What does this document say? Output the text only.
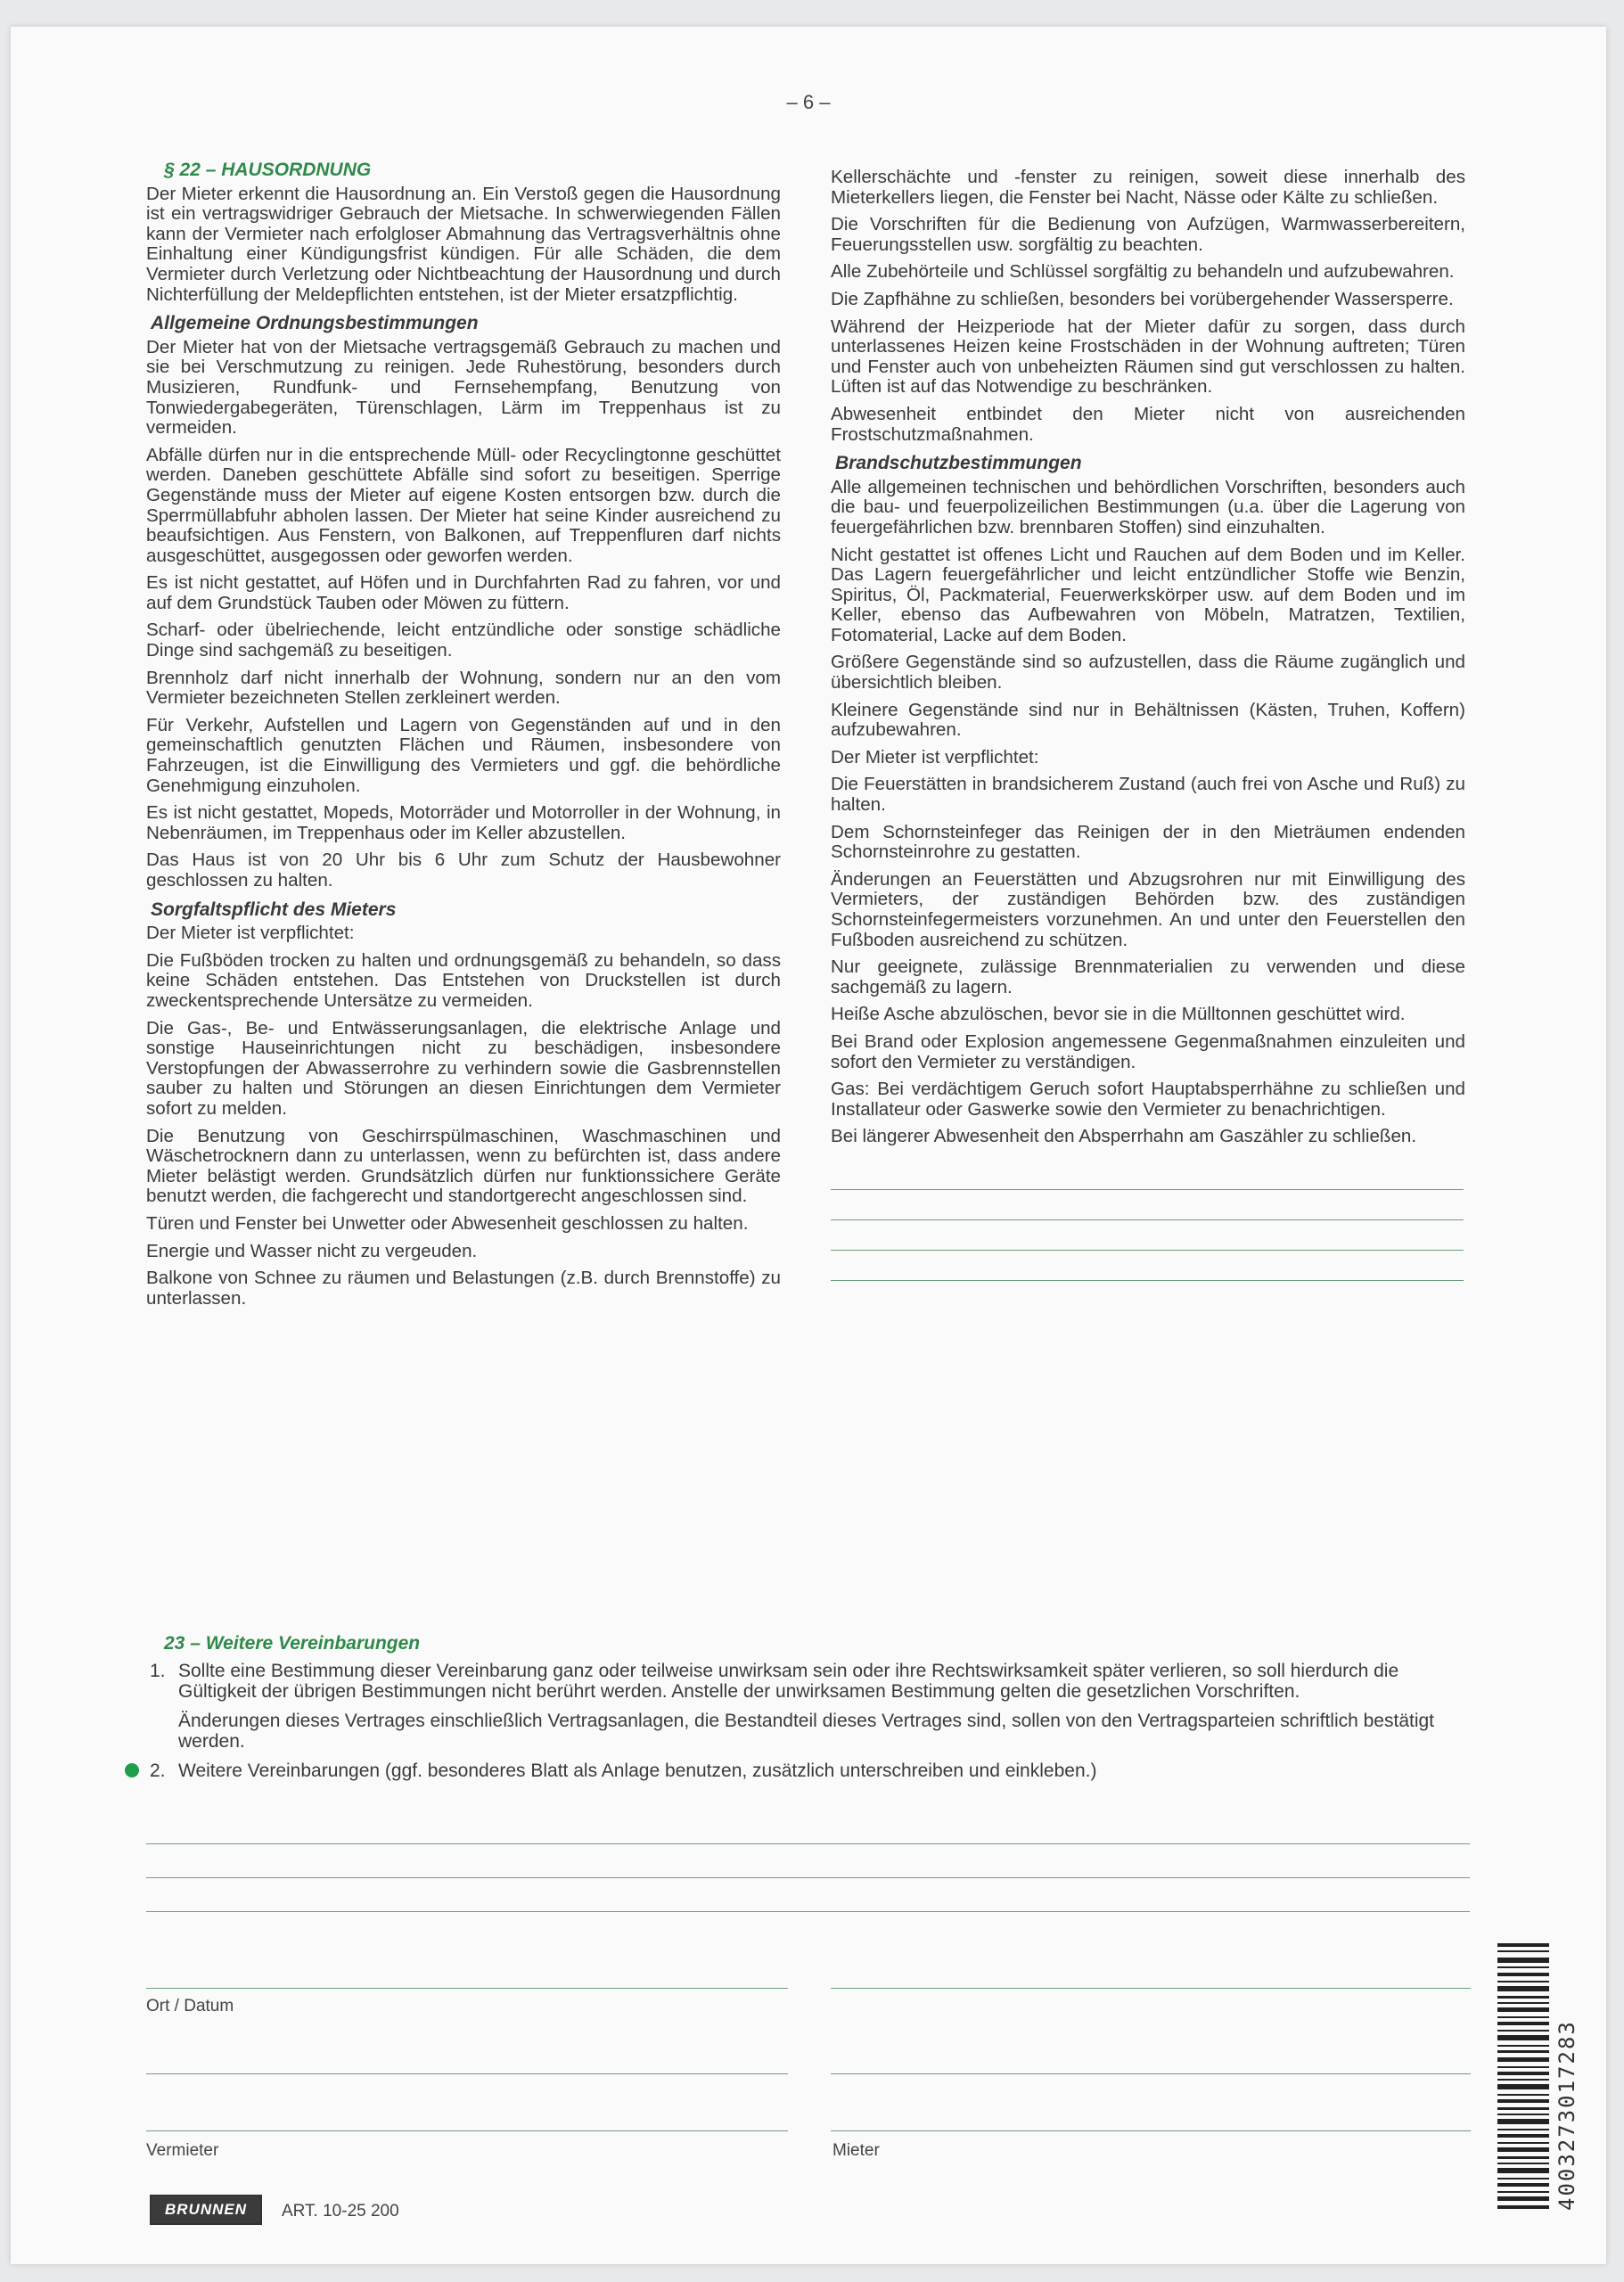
– 6 –
§ 22 – HAUSORDNUNG

Der Mieter erkennt die Hausordnung an. Ein Verstoß gegen die Hausordnung ist ein vertragswidriger Gebrauch der Mietsache. In schwerwiegenden Fällen kann der Vermieter nach erfolgloser Abmahnung das Vertragsverhältnis ohne Einhaltung einer Kündigungsfrist kündigen. Für alle Schäden, die dem Vermieter durch Verletzung oder Nichtbeachtung der Hausordnung und durch Nichterfüllung der Meldepflichten entstehen, ist der Mieter ersatzpflichtig.

Allgemeine Ordnungsbestimmungen

Der Mieter hat von der Mietsache vertragsgemäß Gebrauch zu machen und sie bei Verschmutzung zu reinigen. Jede Ruhestörung, besonders durch Musizieren, Rundfunk- und Fernsehempfang, Benutzung von Tonwiedergabegeräten, Türenschlagen, Lärm im Treppenhaus ist zu vermeiden.

Abfälle dürfen nur in die entsprechende Müll- oder Recyclingtonne geschüttet werden. Daneben geschüttete Abfälle sind sofort zu beseitigen. Sperrige Gegenstände muss der Mieter auf eigene Kosten entsorgen bzw. durch die Sperrmüllabfuhr abholen lassen. Der Mieter hat seine Kinder ausreichend zu beaufsichtigen. Aus Fenstern, von Balkonen, auf Treppenfluren darf nichts ausgeschüttet, ausgegossen oder geworfen werden.

Es ist nicht gestattet, auf Höfen und in Durchfahrten Rad zu fahren, vor und auf dem Grundstück Tauben oder Möwen zu füttern.

Scharf- oder übelriechende, leicht entzündliche oder sonstige schädliche Dinge sind sachgemäß zu beseitigen.

Brennholz darf nicht innerhalb der Wohnung, sondern nur an den vom Vermieter bezeichneten Stellen zerkleinert werden.

Für Verkehr, Aufstellen und Lagern von Gegenständen auf und in den gemeinschaftlich genutzten Flächen und Räumen, insbesondere von Fahrzeugen, ist die Einwilligung des Vermieters und ggf. die behördliche Genehmigung einzuholen.

Es ist nicht gestattet, Mopeds, Motorräder und Motorroller in der Wohnung, in Nebenräumen, im Treppenhaus oder im Keller abzustellen.

Das Haus ist von 20 Uhr bis 6 Uhr zum Schutz der Hausbewohner geschlossen zu halten.

Sorgfaltspflicht des Mieters

Der Mieter ist verpflichtet:

Die Fußböden trocken zu halten und ordnungsgemäß zu behandeln, so dass keine Schäden entstehen. Das Entstehen von Druckstellen ist durch zweckentsprechende Untersätze zu vermeiden.

Die Gas-, Be- und Entwässerungsanlagen, die elektrische Anlage und sonstige Hauseinrichtungen nicht zu beschädigen, insbesondere Verstopfungen der Abwasserrohre zu verhindern sowie die Gasbrennstellen sauber zu halten und Störungen an diesen Einrichtungen dem Vermieter sofort zu melden.

Die Benutzung von Geschirrspülmaschinen, Waschmaschinen und Wäschetrocknern dann zu unterlassen, wenn zu befürchten ist, dass andere Mieter belästigt werden. Grundsätzlich dürfen nur funktionssichere Geräte benutzt werden, die fachgerecht und standortgerecht angeschlossen sind.

Türen und Fenster bei Unwetter oder Abwesenheit geschlossen zu halten.

Energie und Wasser nicht zu vergeuden.

Balkone von Schnee zu räumen und Belastungen (z.B. durch Brennstoffe) zu unterlassen.

Kellerschächte und -fenster zu reinigen, soweit diese innerhalb des Mieterkellers liegen, die Fenster bei Nacht, Nässe oder Kälte zu schließen.

Die Vorschriften für die Bedienung von Aufzügen, Warmwasserbereitern, Feuerungsstellen usw. sorgfältig zu beachten.

Alle Zubehörteile und Schlüssel sorgfältig zu behandeln und aufzubewahren.

Die Zapfhähne zu schließen, besonders bei vorübergehender Wassersperre.

Während der Heizperiode hat der Mieter dafür zu sorgen, dass durch unterlassenes Heizen keine Frostschäden in der Wohnung auftreten; Türen und Fenster auch von unbeheizten Räumen sind gut verschlossen zu halten. Lüften ist auf das Notwendige zu beschränken.

Abwesenheit entbindet den Mieter nicht von ausreichenden Frostschutzmaßnahmen.

Brandschutzbestimmungen

Alle allgemeinen technischen und behördlichen Vorschriften, besonders auch die bau- und feuerpolizeilichen Bestimmungen (u.a. über die Lagerung von feuergefährlichen bzw. brennbaren Stoffen) sind einzuhalten.

Nicht gestattet ist offenes Licht und Rauchen auf dem Boden und im Keller. Das Lagern feuergefährlicher und leicht entzündlicher Stoffe wie Benzin, Spiritus, Öl, Packmaterial, Feuerwerkskörper usw. auf dem Boden und im Keller, ebenso das Aufbewahren von Möbeln, Matratzen, Textilien, Fotomaterial, Lacke auf dem Boden.

Größere Gegenstände sind so aufzustellen, dass die Räume zugänglich und übersichtlich bleiben.

Kleinere Gegenstände sind nur in Behältnissen (Kästen, Truhen, Koffern) aufzubewahren.

Der Mieter ist verpflichtet:

Die Feuerstätten in brandsicherem Zustand (auch frei von Asche und Ruß) zu halten.

Dem Schornsteinfeger das Reinigen der in den Mieträumen endenden Schornsteinrohre zu gestatten.

Änderungen an Feuerstätten und Abzugsrohren nur mit Einwilligung des Vermieters, der zuständigen Behörden bzw. des zuständigen Schornsteinfegermeisters vorzunehmen. An und unter den Feuerstellen den Fußboden ausreichend zu schützen.

Nur geeignete, zulässige Brennmaterialien zu verwenden und diese sachgemäß zu lagern.

Heiße Asche abzulöschen, bevor sie in die Mülltonnen geschüttet wird.

Bei Brand oder Explosion angemessene Gegenmaßnahmen einzuleiten und sofort den Vermieter zu verständigen.

Gas: Bei verdächtigem Geruch sofort Hauptabsperrhähne zu schließen und Installateur oder Gaswerke sowie den Vermieter zu benachrichtigen.

Bei längerer Abwesenheit den Absperrhahn am Gaszähler zu schließen.

23 – Weitere Vereinbarungen
1. Sollte eine Bestimmung dieser Vereinbarung ganz oder teilweise unwirksam sein oder ihre Rechtswirksamkeit später verlieren, so soll hierdurch die Gültigkeit der übrigen Bestimmungen nicht berührt werden. Anstelle der unwirksamen Bestimmung gelten die gesetzlichen Vorschriften.
Änderungen dieses Vertrages einschließlich Vertragsanlagen, die Bestandteil dieses Vertrages sind, sollen von den Vertragsparteien schriftlich bestätigt werden.
2. Weitere Vereinbarungen (ggf. besonderes Blatt als Anlage benutzen, zusätzlich unterschreiben und einkleben.)
Ort / Datum
Vermieter	Mieter
BRUNNEN	ART. 10-25 200
4003273017283
